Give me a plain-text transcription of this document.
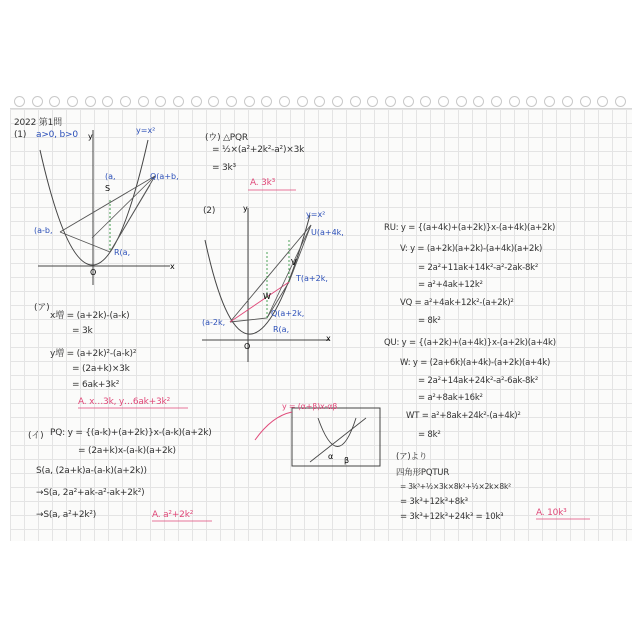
2022 第1問
(1) a>0, b>0	(ウ) △PQR
y
x
y=x²
O
(a-b,
Q(a+b,
R(a,
(a,
S
(2)	y
x
y=x²
U(a+4k,
T(a+2k,
Q(a+2k,
R(a,
(a-2k,
V
W
O
= ½×(a²+2k²-a²)×3k
= 3k³
A. 3k³
(ア)
x増 = (a+2k)-(a-k)
= 3k
y増 = (a+2k)²-(a-k)²
= (2a+k)×3k
= 6ak+3k²
A. x…3k, y…6ak+3k²
(イ) PQ: y = {(a-k)+(a+2k)}x-(a-k)(a+2k)
= (2a+k)x-(a-k)(a+2k)
S(a, (2a+k)a-(a-k)(a+2k))
→S(a, 2a²+ak-a²-ak+2k²)
→S(a, a²+2k²)	A. a²+2k²
y = (α+β)x-αβ
α β
RU: y = {(a+4k)+(a+2k)}x-(a+4k)(a+2k)
V: y = (a+2k)(a+2k)-(a+4k)(a+2k)
= 2a²+11ak+14k²-a²-2ak-8k²
= a²+4ak+12k²
VQ = a²+4ak+12k²-(a+2k)²
= 8k²
QU: y = {(a+2k)+(a+4k)}x-(a+2k)(a+4k)
W: y = (2a+6k)(a+4k)-(a+2k)(a+4k)
= 2a²+14ak+24k²-a²-6ak-8k²
= a²+8ak+16k²
WT = a²+8ak+24k²-(a+4k)²
= 8k²
(ア)より
四角形PQTUR
= 3k³+½×3k×8k²+½×2k×8k²
= 3k³+12k³+8k³
= 3k³+12k³+24k³ = 10k³	A. 10k³
